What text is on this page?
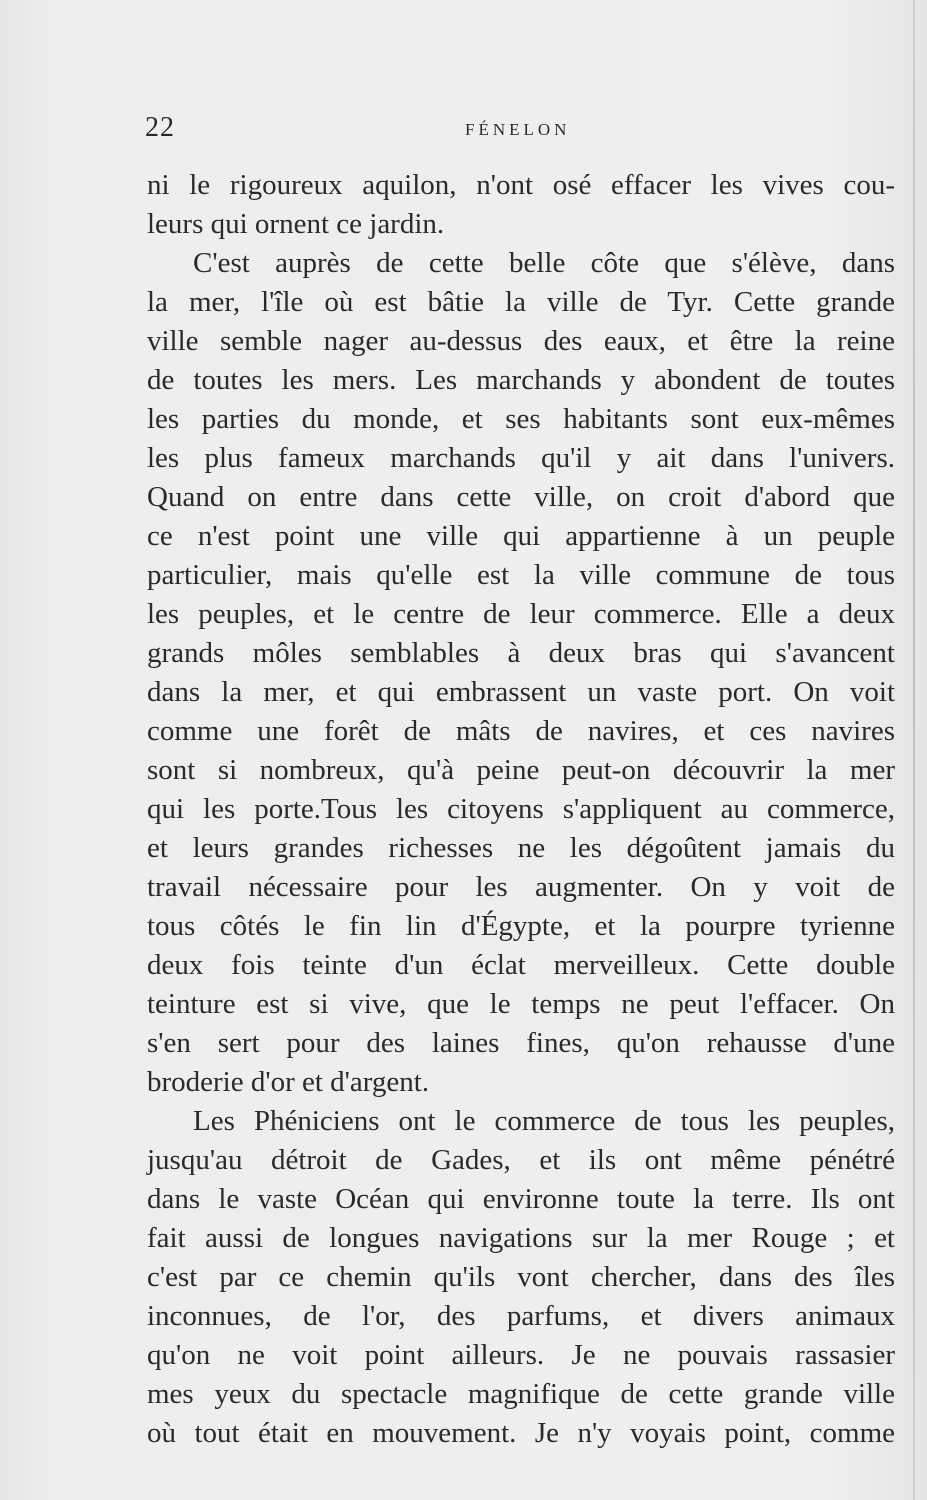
22	FÉNELON
ni le rigoureux aquilon, n'ont osé effacer les vives cou-
leurs qui ornent ce jardin.
C'est auprès de cette belle côte que s'élève, dans
la mer, l'île où est bâtie la ville de Tyr. Cette grande
ville semble nager au-dessus des eaux, et être la reine
de toutes les mers. Les marchands y abondent de toutes
les parties du monde, et ses habitants sont eux-mêmes
les plus fameux marchands qu'il y ait dans l'univers.
Quand on entre dans cette ville, on croit d'abord que
ce n'est point une ville qui appartienne à un peuple
particulier, mais qu'elle est la ville commune de tous
les peuples, et le centre de leur commerce. Elle a deux
grands môles semblables à deux bras qui s'avancent
dans la mer, et qui embrassent un vaste port. On voit
comme une forêt de mâts de navires, et ces navires
sont si nombreux, qu'à peine peut-on découvrir la mer
qui les porte.Tous les citoyens s'appliquent au commerce,
et leurs grandes richesses ne les dégoûtent jamais du
travail nécessaire pour les augmenter. On y voit de
tous côtés le fin lin d'Égypte, et la pourpre tyrienne
deux fois teinte d'un éclat merveilleux. Cette double
teinture est si vive, que le temps ne peut l'effacer. On
s'en sert pour des laines fines, qu'on rehausse d'une
broderie d'or et d'argent.
Les Phéniciens ont le commerce de tous les peuples,
jusqu'au détroit de Gades, et ils ont même pénétré
dans le vaste Océan qui environne toute la terre. Ils ont
fait aussi de longues navigations sur la mer Rouge ; et
c'est par ce chemin qu'ils vont chercher, dans des îles
inconnues, de l'or, des parfums, et divers animaux
qu'on ne voit point ailleurs. Je ne pouvais rassasier
mes yeux du spectacle magnifique de cette grande ville
où tout était en mouvement. Je n'y voyais point, comme
